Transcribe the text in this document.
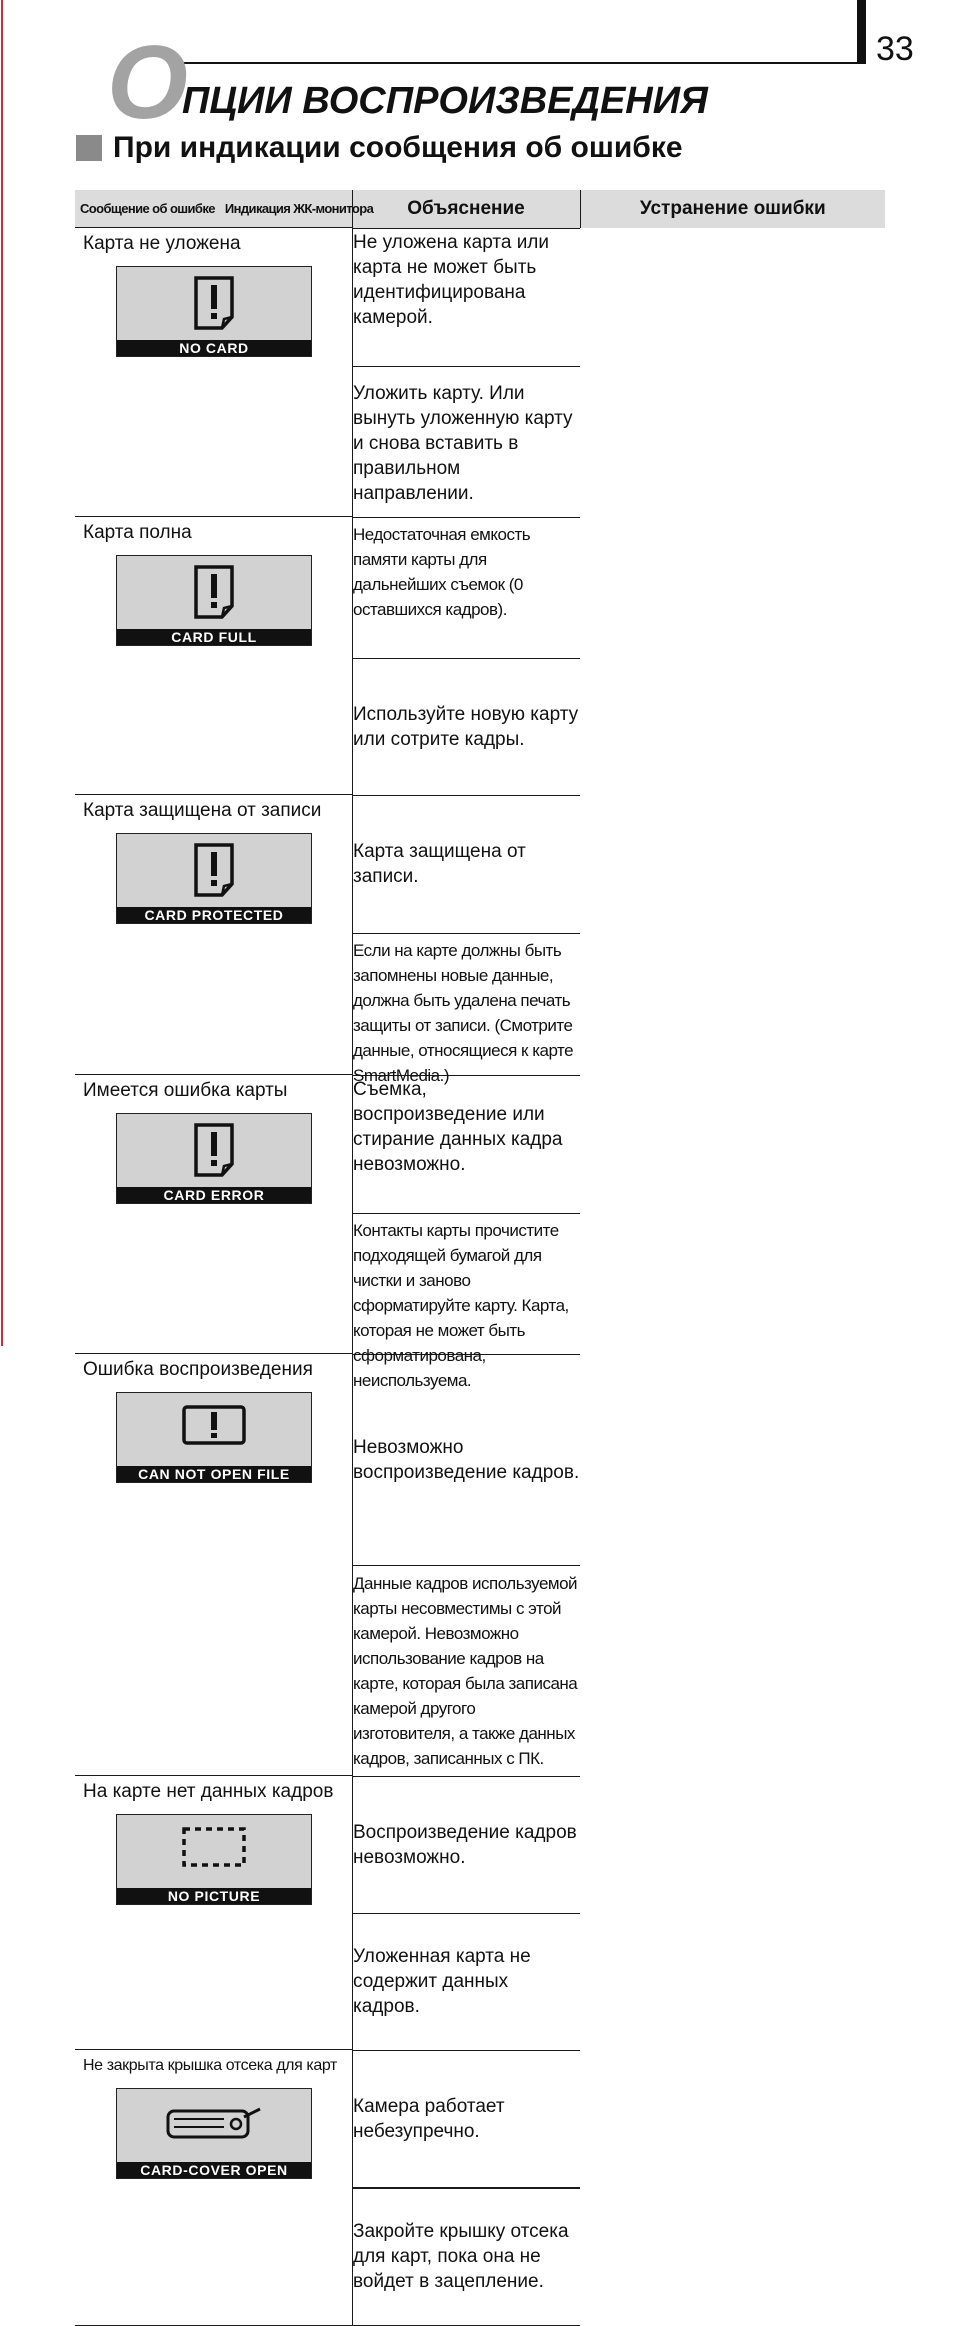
33
О
ПЦИИ ВОСПРОИЗВЕДЕНИЯ
При индикации сообщения об ошибке
Сообщение об ошибке Индикация ЖК-монитора	Объяснение	Устранение ошибки

Карта не уложена
NO CARD

Не уложена карта или карта не может быть идентифицирована камерой.
Уложить карту. Или вынуть уложенную карту и снова вставить в правильном направлении.

Карта полна
CARD FULL

Недостаточная емкость памяти карты для дальнейших съемок (0 оставшихся кадров).
Используйте новую карту или сотрите кадры.

Карта защищена от записи
CARD PROTECTED

Карта защищена от записи.
Если на карте должны быть запомнены новые данные, должна быть удалена печать защиты от записи. (Смотрите данные, относящиеся к карте SmartMedia.)

Имеется ошибка карты
CARD ERROR

Съемка, воспроизведение или стирание данных кадра невозможно.
Контакты карты прочистите подходящей бумагой для чистки и заново сформатируйте карту. Карта, которая не может быть сформатирована, неиспользуема.

Ошибка воспроизведения
CAN NOT OPEN FILE

Невозможно воспроизведение кадров.
Данные кадров используемой карты несовместимы с этой камерой. Невозможно использование кадров на карте, которая была записана камерой другого изготовителя, а также данных кадров, записанных с ПК.

На карте нет данных кадров
NO PICTURE

Воспроизведение кадров невозможно.
Уложенная карта не содержит данных кадров.

Не закрыта крышка отсека для карт
CARD-COVER OPEN

Камера работает небезупречно.
Закройте крышку отсека для карт, пока она не войдет в зацепление.
